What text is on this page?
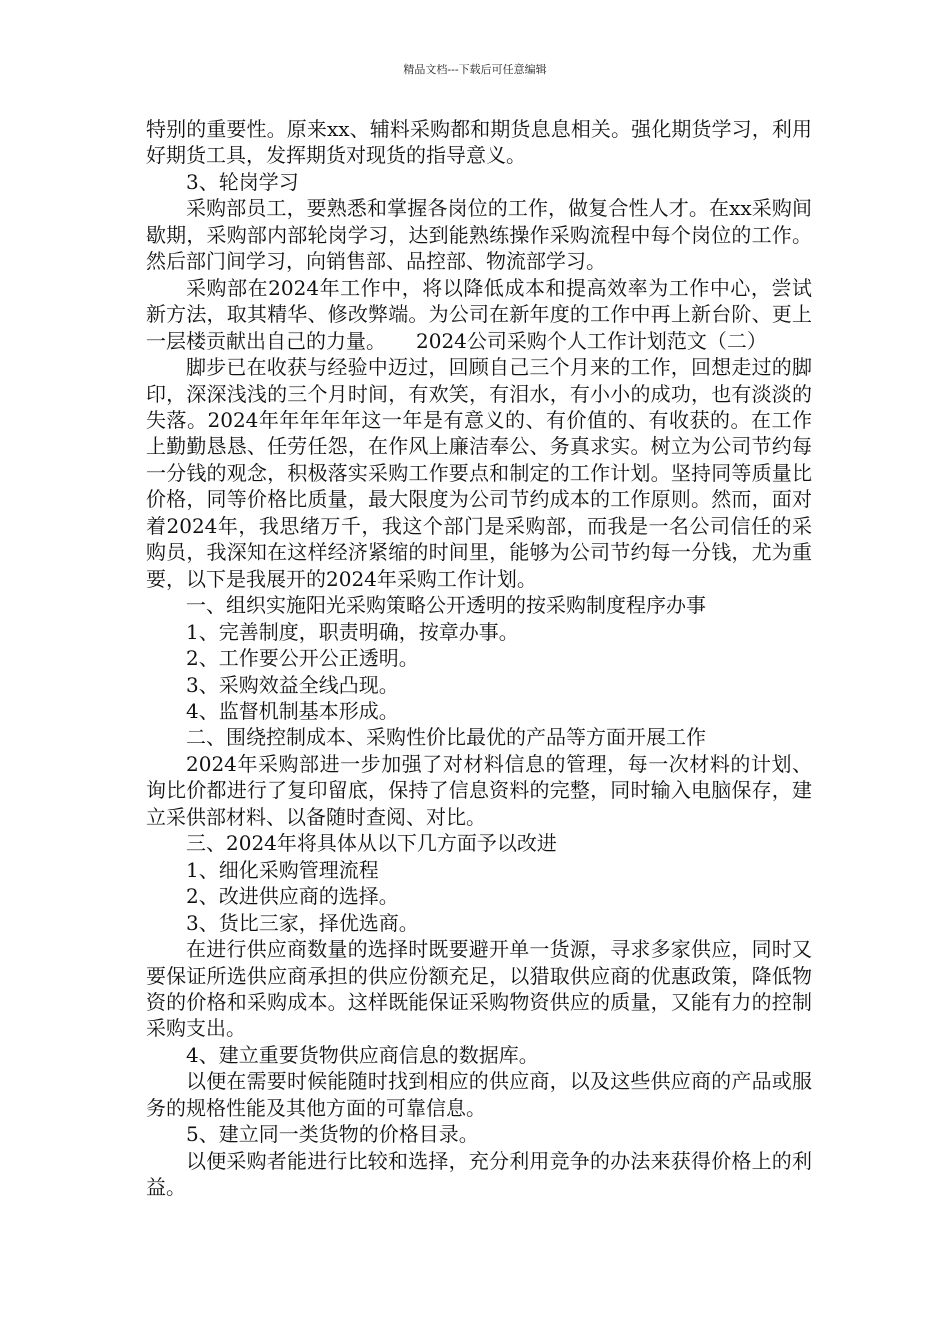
精品文档---下载后可任意编辑

特别的重要性。原来xx、辅料采购都和期货息息相关。强化期货学习，利用好期货工具，发挥期货对现货的指导意义。

3、轮岗学习

采购部员工，要熟悉和掌握各岗位的工作，做复合性人才。在xx采购间歇期，采购部内部轮岗学习，达到能熟练操作采购流程中每个岗位的工作。然后部门间学习，向销售部、品控部、物流部学习。

采购部在2024年工作中，将以降低成本和提高效率为工作中心，尝试新方法，取其精华、修改弊端。为公司在新年度的工作中再上新台阶、更上一层楼贡献出自己的力量。　　2024公司采购个人工作计划范文（二）

脚步已在收获与经验中迈过，回顾自己三个月来的工作，回想走过的脚印，深深浅浅的三个月时间，有欢笑，有泪水，有小小的成功，也有淡淡的失落。2024年年年年年这一年是有意义的、有价值的、有收获的。在工作上勤勤恳恳、任劳任怨，在作风上廉洁奉公、务真求实。树立为公司节约每一分钱的观念，积极落实采购工作要点和制定的工作计划。坚持同等质量比价格，同等价格比质量，最大限度为公司节约成本的工作原则。然而，面对着2024年，我思绪万千，我这个部门是采购部，而我是一名公司信任的采购员，我深知在这样经济紧缩的时间里，能够为公司节约每一分钱，尤为重要，以下是我展开的2024年采购工作计划。

一、组织实施阳光采购策略公开透明的按采购制度程序办事

1、完善制度，职责明确，按章办事。

2、工作要公开公正透明。

3、采购效益全线凸现。

4、监督机制基本形成。

二、围绕控制成本、采购性价比最优的产品等方面开展工作

2024年采购部进一步加强了对材料信息的管理，每一次材料的计划、询比价都进行了复印留底，保持了信息资料的完整，同时输入电脑保存，建立采供部材料、以备随时查阅、对比。

三、2024年将具体从以下几方面予以改进

1、细化采购管理流程

2、改进供应商的选择。

3、货比三家，择优选商。

在进行供应商数量的选择时既要避开单一货源，寻求多家供应，同时又要保证所选供应商承担的供应份额充足，以猎取供应商的优惠政策，降低物资的价格和采购成本。这样既能保证采购物资供应的质量，又能有力的控制采购支出。

4、建立重要货物供应商信息的数据库。

以便在需要时候能随时找到相应的供应商，以及这些供应商的产品或服务的规格性能及其他方面的可靠信息。

5、建立同一类货物的价格目录。

以便采购者能进行比较和选择，充分利用竞争的办法来获得价格上的利益。
